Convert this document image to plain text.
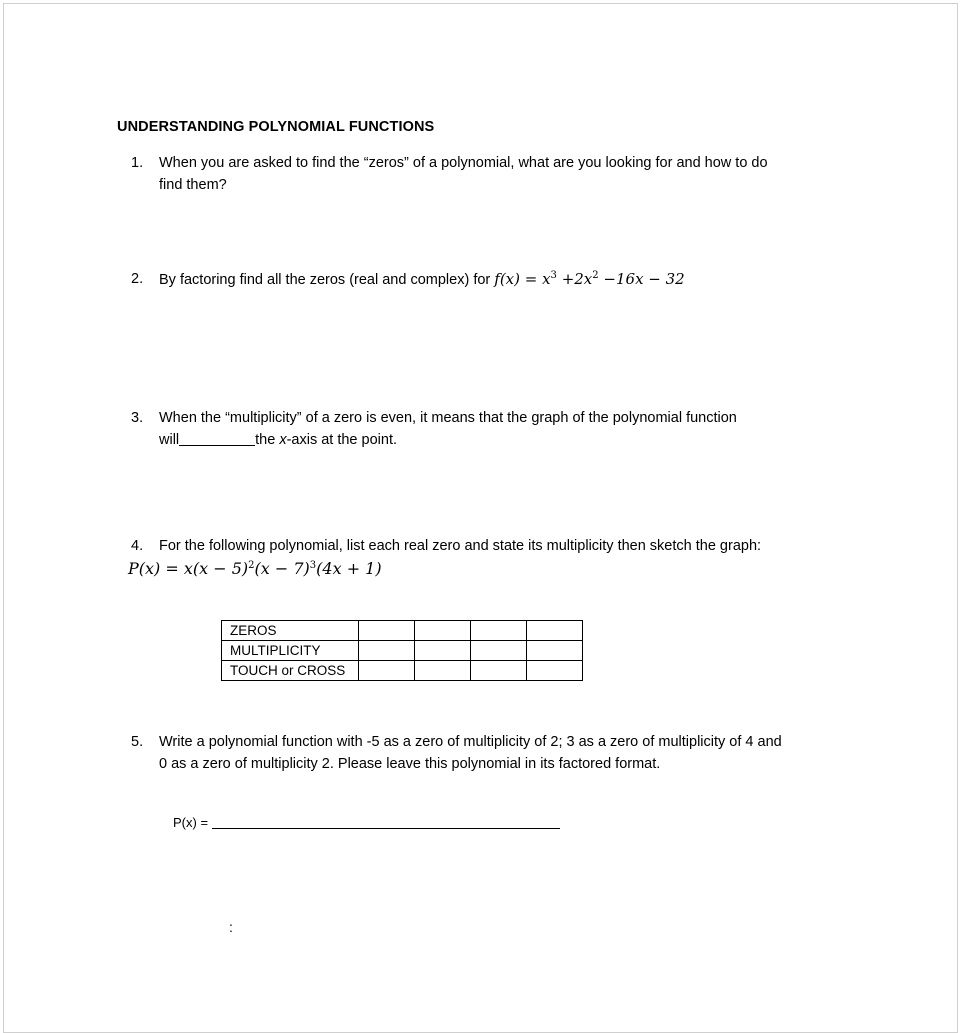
UNDERSTANDING POLYNOMIAL FUNCTIONS
1. When you are asked to find the “zeros” of a polynomial, what are you looking for and how to do
find them?
2. By factoring find all the zeros (real and complex) for $f(x) = x^3 +2x^2 -16x - 32$
3. When the “multiplicity” of a zero is even, it means that the graph of the polynomial function
will	the x-axis at the point.
4. For the following polynomial, list each real zero and state its multiplicity then sketch the graph:
$P(x) = x(x - 5)^2(x - 7)^3(4x + 1)$
ZEROS				
MULTIPLICITY				
TOUCH or CROSS				
5. Write a polynomial function with -5 as a zero of multiplicity of 2; 3 as a zero of multiplicity of 4 and
0 as a zero of multiplicity 2. Please leave this polynomial in its factored format.
P(x) =
:
